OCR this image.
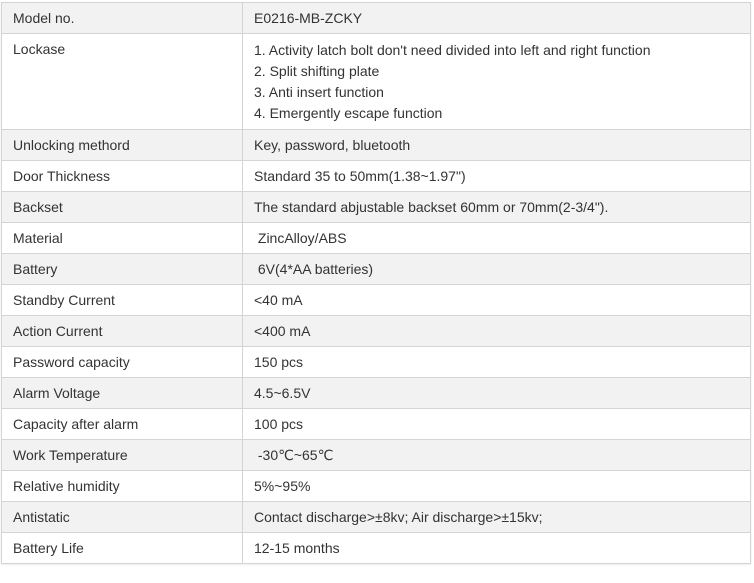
Model no.	E0216-MB-ZCKY
Lockase	1. Activity latch bolt don't need divided into left and right function
2. Split shifting plate
3. Anti insert function
4. Emergently escape function

Unlocking methord	Key, password, bluetooth
Door Thickness	Standard 35 to 50mm(1.38~1.97")
Backset	The standard abjustable backset 60mm or 70mm(2-3/4").
Material	ZincAlloy/ABS
Battery	6V(4*AA batteries)
Standby Current	<40 mA
Action Current	<400 mA
Password capacity	150 pcs
Alarm Voltage	4.5~6.5V
Capacity after alarm	100 pcs
Work Temperature	-30℃~65℃
Relative humidity	5%~95%
Antistatic	Contact discharge>±8kv; Air discharge>±15kv;
Battery Life	12-15 months
